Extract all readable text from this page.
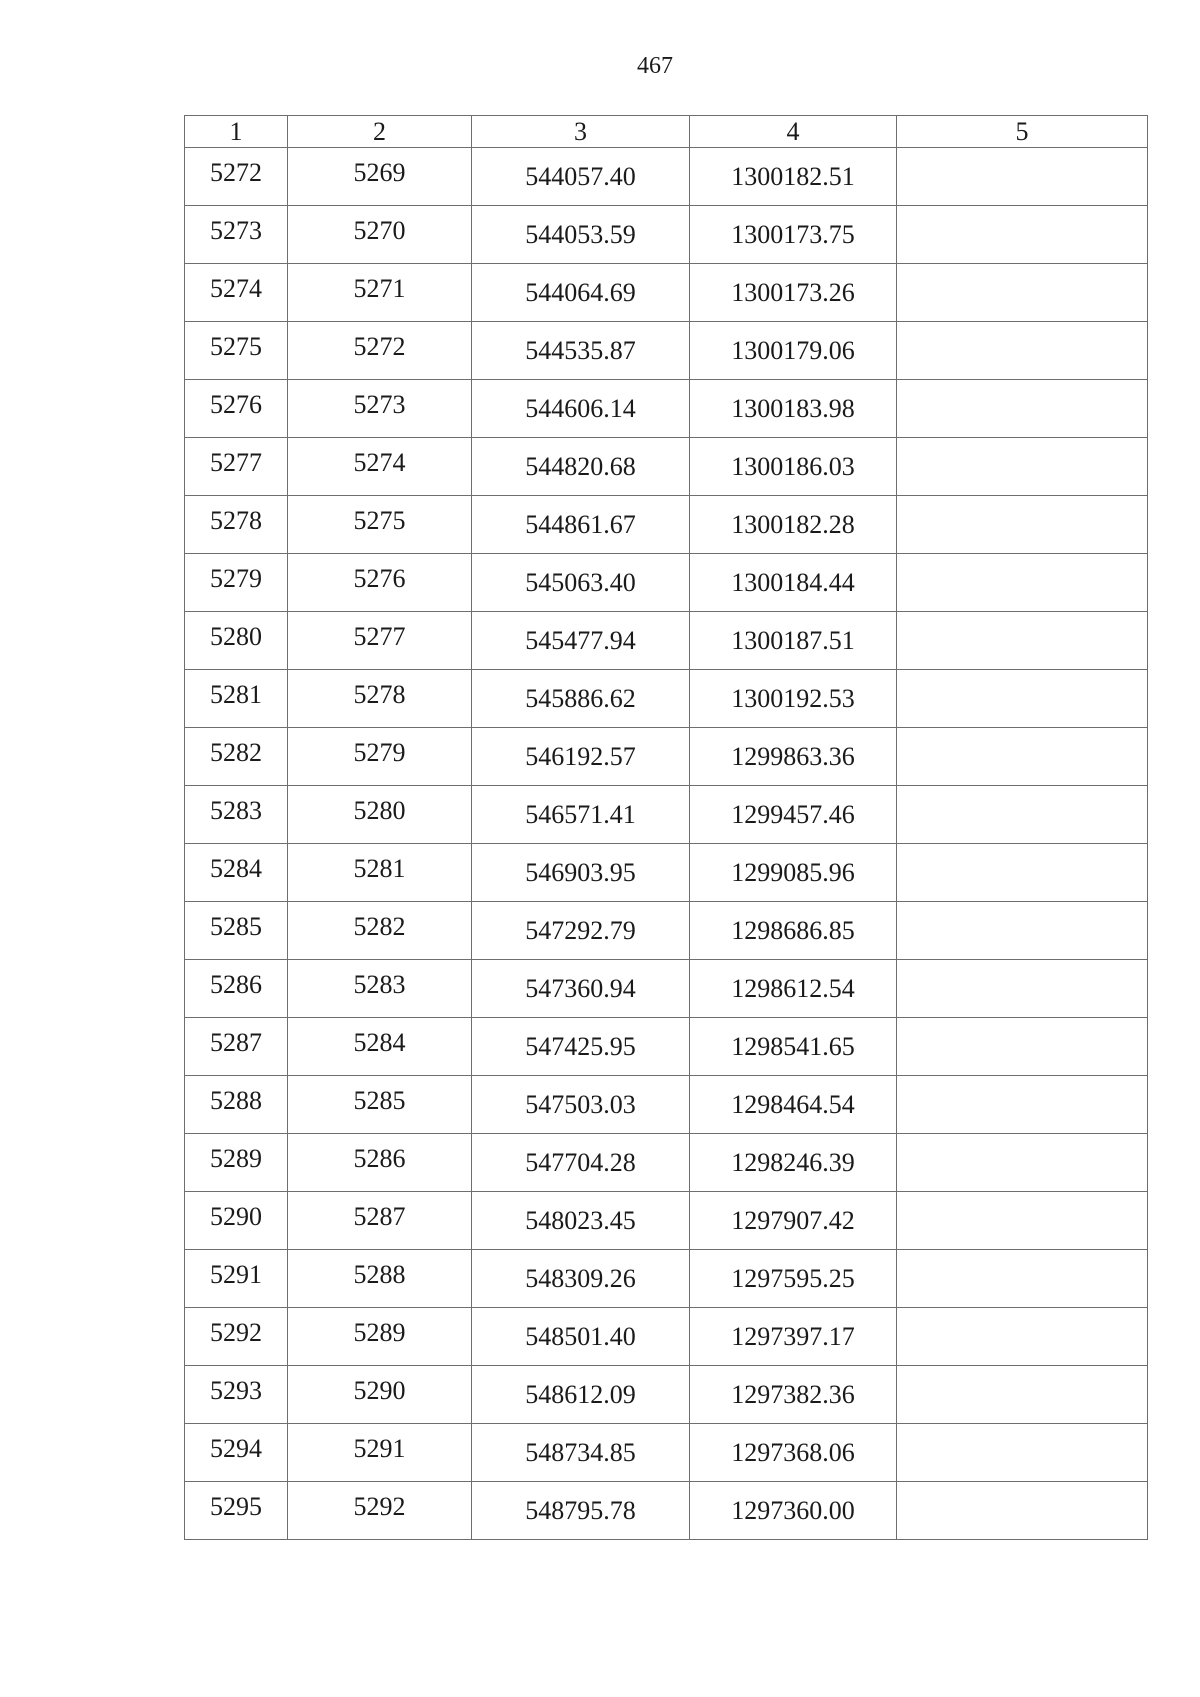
467
1	2	3	4	5
5272	5269	544057.40	1300182.51	
5273	5270	544053.59	1300173.75	
5274	5271	544064.69	1300173.26	
5275	5272	544535.87	1300179.06	
5276	5273	544606.14	1300183.98	
5277	5274	544820.68	1300186.03	
5278	5275	544861.67	1300182.28	
5279	5276	545063.40	1300184.44	
5280	5277	545477.94	1300187.51	
5281	5278	545886.62	1300192.53	
5282	5279	546192.57	1299863.36	
5283	5280	546571.41	1299457.46	
5284	5281	546903.95	1299085.96	
5285	5282	547292.79	1298686.85	
5286	5283	547360.94	1298612.54	
5287	5284	547425.95	1298541.65	
5288	5285	547503.03	1298464.54	
5289	5286	547704.28	1298246.39	
5290	5287	548023.45	1297907.42	
5291	5288	548309.26	1297595.25	
5292	5289	548501.40	1297397.17	
5293	5290	548612.09	1297382.36	
5294	5291	548734.85	1297368.06	
5295	5292	548795.78	1297360.00	
